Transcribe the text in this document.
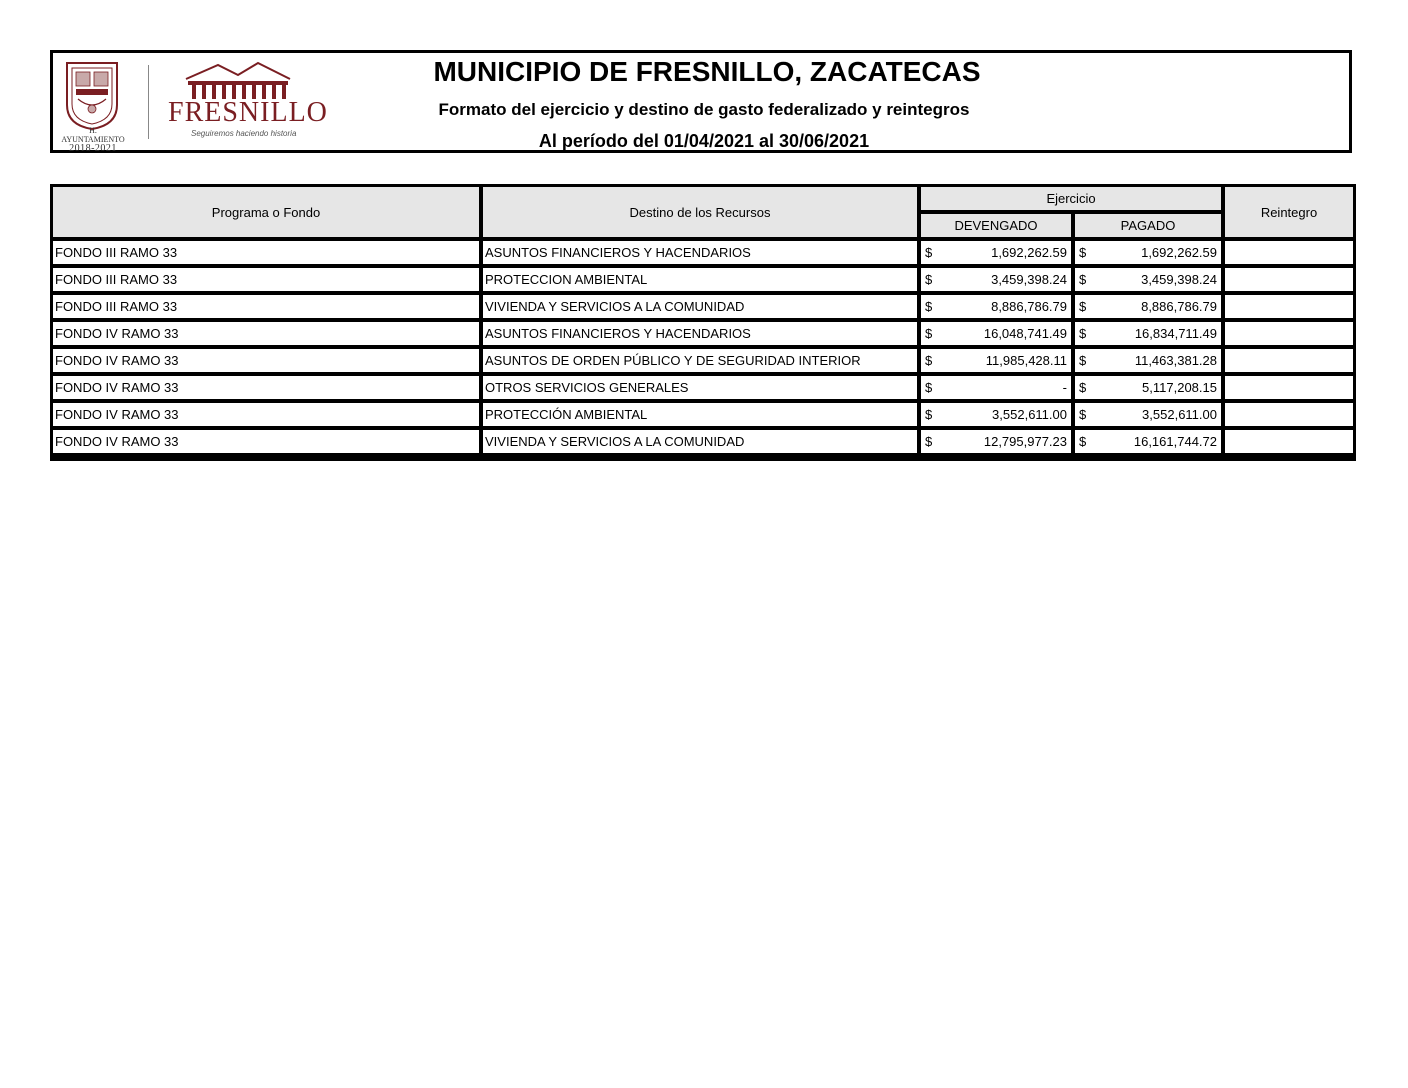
H. AYUNTAMIENTO
2018-2021
FRESNILLO
Seguiremos haciendo historia
MUNICIPIO DE FRESNILLO, ZACATECAS
Formato del ejercicio y destino de gasto federalizado y reintegros
Al período del 01/04/2021 al 30/06/2021
Programa o Fondo	Destino de los Recursos
Ejercicio
DEVENGADO	PAGADO
Reintegro
FONDO III RAMO 33	ASUNTOS FINANCIEROS Y HACENDARIOS	$	1,692,262.59 $	1,692,262.59
FONDO III RAMO 33	PROTECCION AMBIENTAL	$	3,459,398.24 $	3,459,398.24
FONDO III RAMO 33	VIVIENDA Y SERVICIOS A LA COMUNIDAD	$	8,886,786.79 $	8,886,786.79
FONDO IV RAMO 33	ASUNTOS FINANCIEROS Y HACENDARIOS	$	16,048,741.49 $	16,834,711.49
FONDO IV RAMO 33	ASUNTOS DE ORDEN PÚBLICO Y DE SEGURIDAD INTERIOR	$	11,985,428.11 $	11,463,381.28
FONDO IV RAMO 33	OTROS SERVICIOS GENERALES	$	- $	5,117,208.15
FONDO IV RAMO 33	PROTECCIÓN AMBIENTAL	$	3,552,611.00 $	3,552,611.00
FONDO IV RAMO 33	VIVIENDA Y SERVICIOS A LA COMUNIDAD	$	12,795,977.23 $	16,161,744.72
